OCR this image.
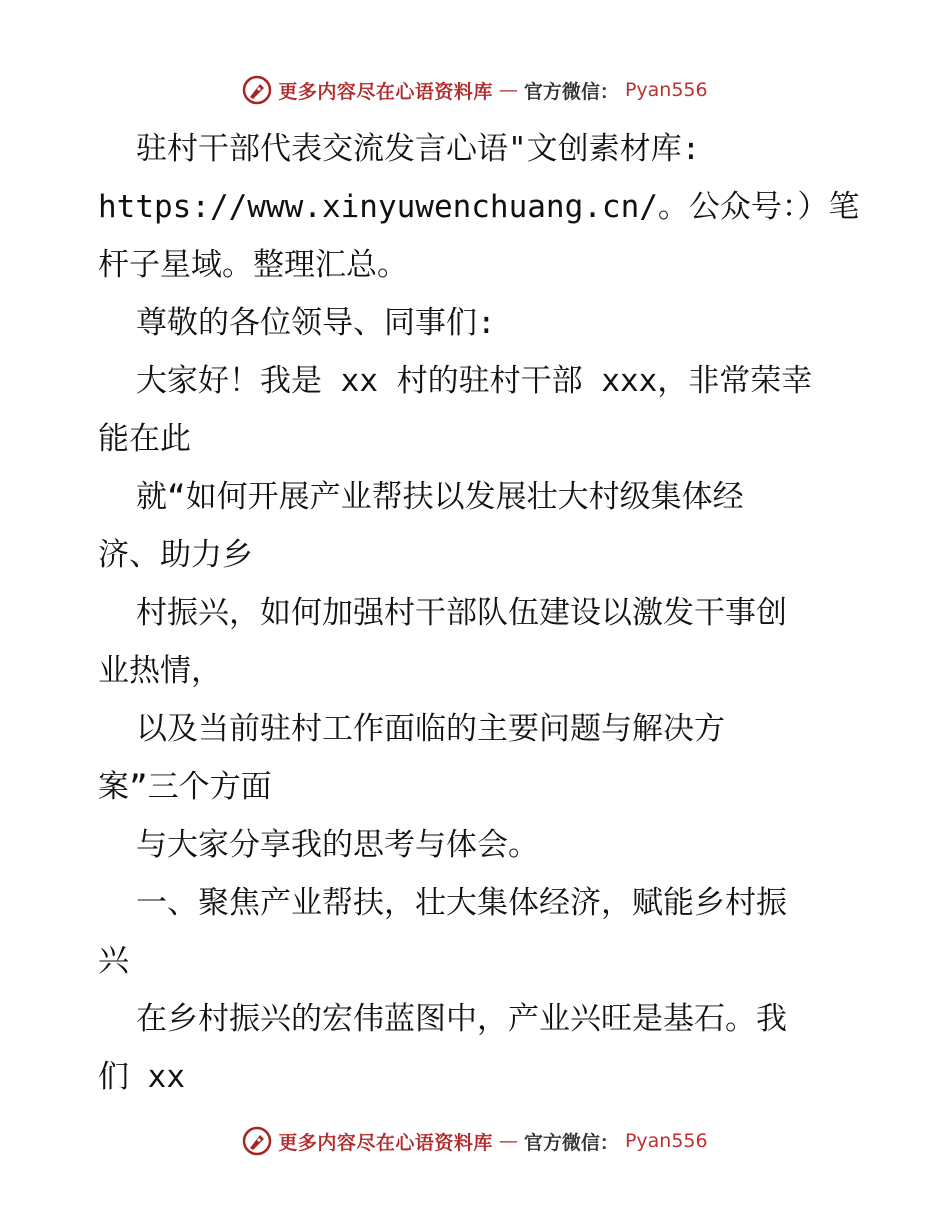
更多内容尽在心语资料库 — 官方微信： Pyan556
驻村干部代表交流发言心语"文创素材库:
https://www.xinyuwenchuang.cn/。公众号：）笔
杆子星域。整理汇总。
尊敬的各位领导、同事们:
大家好！我是 xx 村的驻村干部 xxx，非常荣幸
能在此
就“如何开展产业帮扶以发展壮大村级集体经
济、助力乡
村振兴，如何加强村干部队伍建设以激发干事创
业热情，
以及当前驻村工作面临的主要问题与解决方
案”三个方面
与大家分享我的思考与体会。
一、聚焦产业帮扶，壮大集体经济，赋能乡村振
兴
在乡村振兴的宏伟蓝图中，产业兴旺是基石。我
们 xx
更多内容尽在心语资料库 — 官方微信： Pyan556
